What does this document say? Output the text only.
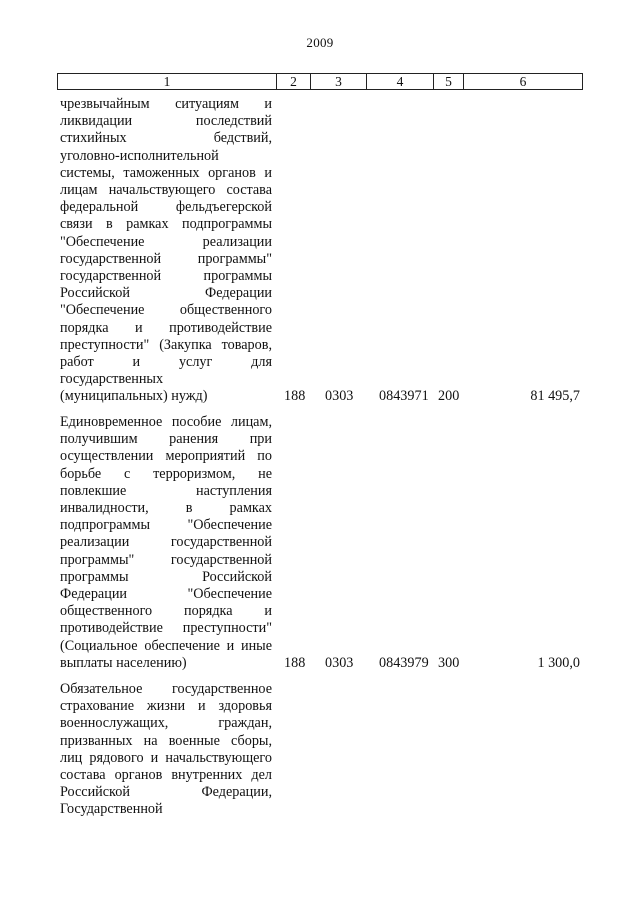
2009
1	2	3	4	5	6
чрезвычайным ситуациям и
ликвидации последствий
стихийных бедствий,
уголовно-исполнительной
системы, таможенных органов и
лицам начальствующего состава
федеральной фельдъегерской
связи в рамках подпрограммы
"Обеспечение реализации
государственной программы"
государственной программы
Российской Федерации
"Обеспечение общественного
порядка и противодействие
преступности" (Закупка товаров,
работ и услуг для
государственных
(муниципальных) нужд)	188 0303 0843971 200	81 495,7
Единовременное пособие лицам,
получившим ранения при
осуществлении мероприятий по
борьбе с терроризмом, не
повлекшие наступления
инвалидности, в рамках
подпрограммы "Обеспечение
реализации государственной
программы" государственной
программы Российской
Федерации "Обеспечение
общественного порядка и
противодействие преступности"
(Социальное обеспечение и иные
выплаты населению)	188 0303 0843979 300	1 300,0
Обязательное государственное
страхование жизни и здоровья
военнослужащих, граждан,
призванных на военные сборы,
лиц рядового и начальствующего
состава органов внутренних дел
Российской Федерации,
Государственной
